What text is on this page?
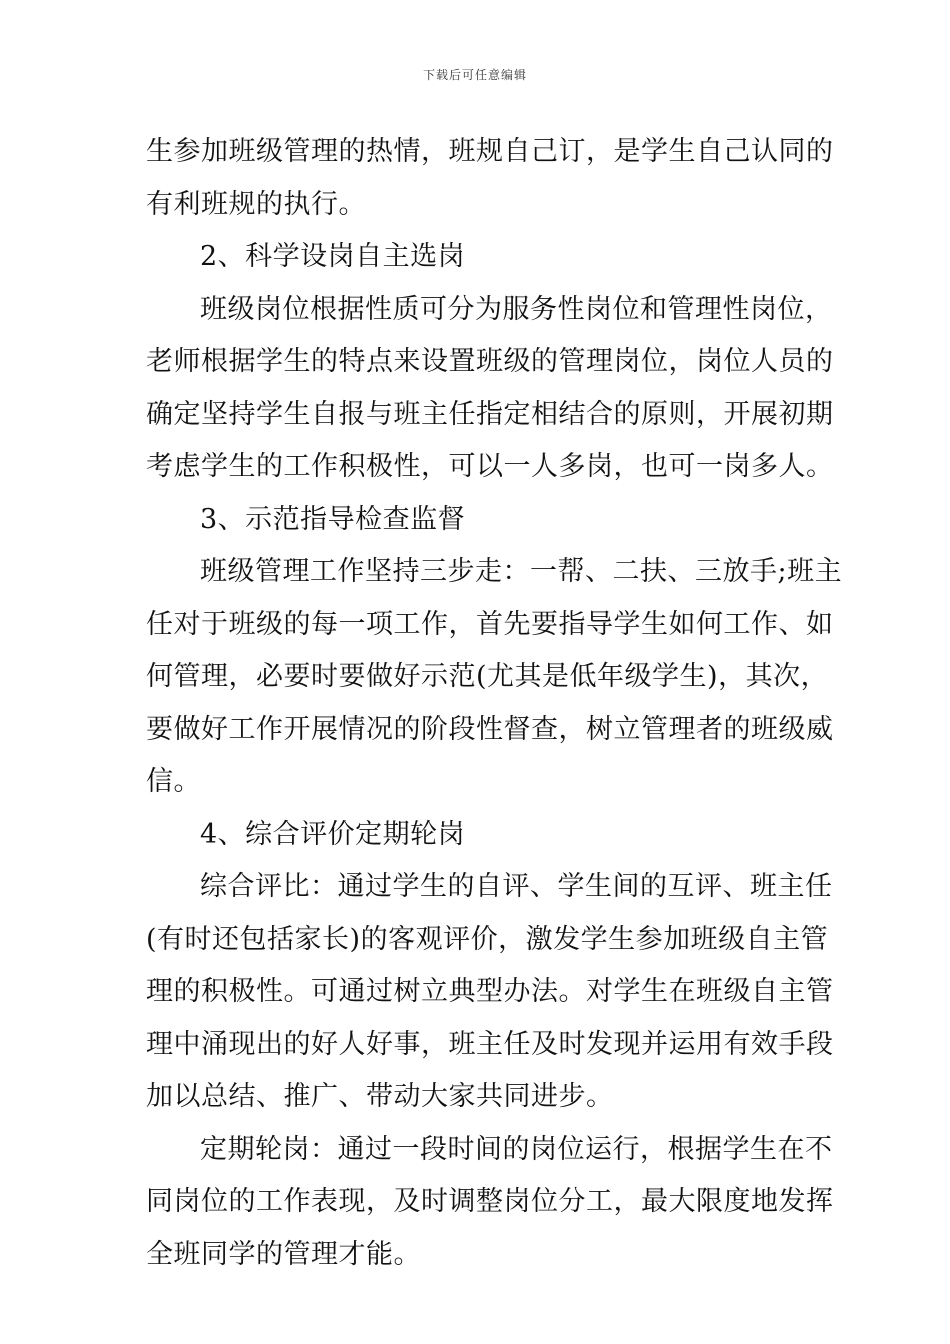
下载后可任意编辑
生参加班级管理的热情，班规自己订，是学生自己认同的
有利班规的执行。
2、科学设岗自主选岗
班级岗位根据性质可分为服务性岗位和管理性岗位，
老师根据学生的特点来设置班级的管理岗位，岗位人员的
确定坚持学生自报与班主任指定相结合的原则，开展初期
考虑学生的工作积极性，可以一人多岗，也可一岗多人。
3、示范指导检查监督
班级管理工作坚持三步走：一帮、二扶、三放手;班主
任对于班级的每一项工作，首先要指导学生如何工作、如
何管理，必要时要做好示范(尤其是低年级学生)，其次，
要做好工作开展情况的阶段性督查，树立管理者的班级威
信。
4、综合评价定期轮岗
综合评比：通过学生的自评、学生间的互评、班主任
(有时还包括家长)的客观评价，激发学生参加班级自主管
理的积极性。可通过树立典型办法。对学生在班级自主管
理中涌现出的好人好事，班主任及时发现并运用有效手段
加以总结、推广、带动大家共同进步。
定期轮岗：通过一段时间的岗位运行，根据学生在不
同岗位的工作表现，及时调整岗位分工，最大限度地发挥
全班同学的管理才能。
